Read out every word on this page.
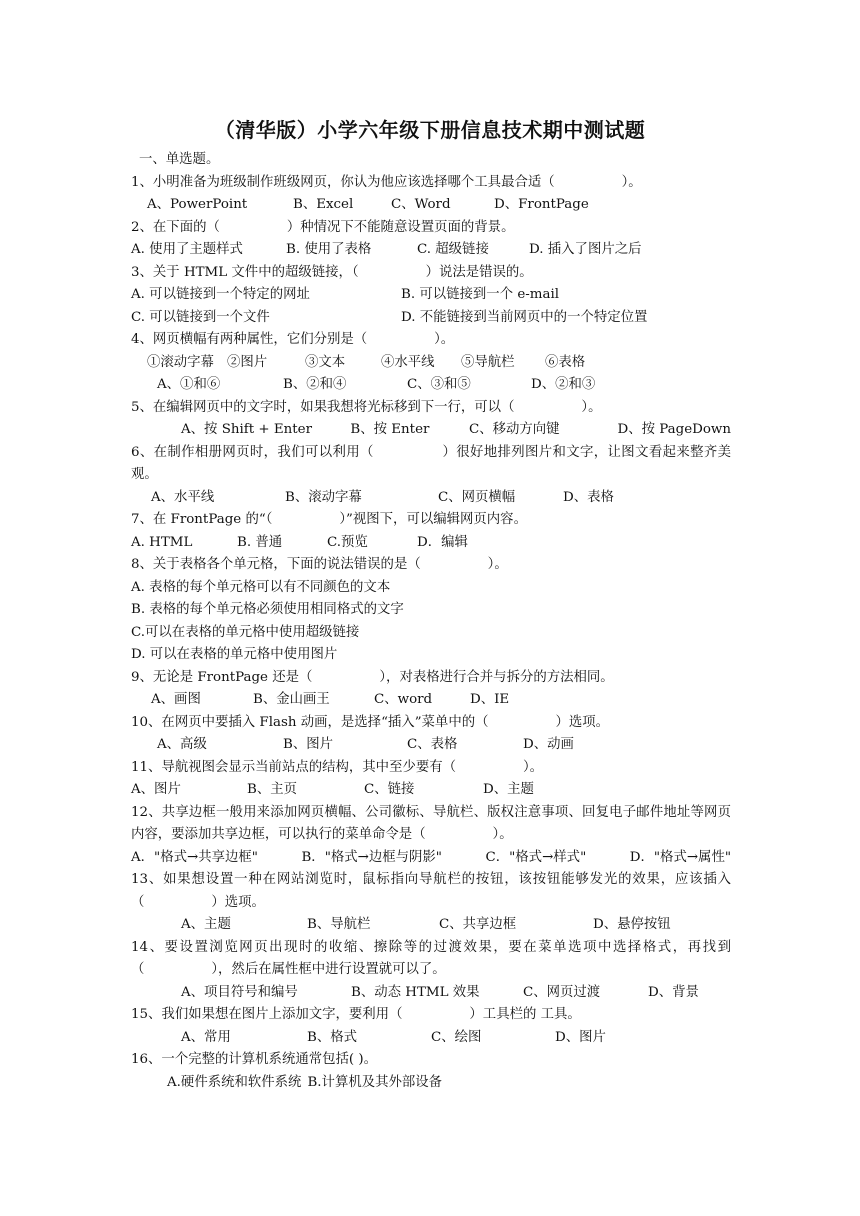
（清华版）小学六年级下册信息技术期中测试题
一、单选题。
1、小明准备为班级制作班级网页，你认为他应该选择哪个工具最合适（　　　　　）。
A、PowerPoint	B、Excel	C、Word	D、FrontPage
2、在下面的（　　　　　）种情况下不能随意设置页面的背景。
A. 使用了主题样式	B. 使用了表格	C. 超级链接	D. 插入了图片之后
3、关于 HTML 文件中的超级链接，（　　　　　）说法是错误的。
A. 可以链接到一个特定的网址	B. 可以链接到一个 e-mail
C. 可以链接到一个文件	D. 不能链接到当前网页中的一个特定位置
4、网页横幅有两种属性，它们分别是（　　　　　）。
①滚动字幕 ②图片	③文本	④水平线	⑤导航栏	⑥表格
A、①和⑥	B、②和④	C、③和⑤	D、②和③
5、在编辑网页中的文字时，如果我想将光标移到下一行，可以（　　　　　）。
A、按 Shift + Enter	B、按 Enter	C、移动方向键	D、按 PageDown
6、在制作相册网页时，我们可以利用（　　　　　）很好地排列图片和文字，让图文看起来整齐美观。
A、水平线	B、滚动字幕	C、网页横幅	D、表格
7、在 FrontPage 的“（　　　　　）”视图下，可以编辑网页内容。
A. HTML	B. 普通	C.预览	D．编辑
8、关于表格各个单元格，下面的说法错误的是（　　　　　）。
A. 表格的每个单元格可以有不同颜色的文本
B. 表格的每个单元格必须使用相同格式的文字
C.可以在表格的单元格中使用超级链接
D. 可以在表格的单元格中使用图片
9、无论是 FrontPage 还是（　　　　　），对表格进行合并与拆分的方法相同。
A、画图	B、金山画王	C、word	D、IE
10、在网页中要插入 Flash 动画，是选择“插入”菜单中的（　　　　　）选项。
A、高级	B、图片	C、表格	D、动画
11、导航视图会显示当前站点的结构，其中至少要有（　　　　　）。
A、图片	B、主页	C、链接	D、主题
12、共享边框一般用来添加网页横幅、公司徽标、导航栏、版权注意事项、回复电子邮件地址等网页内容，要添加共享边框，可以执行的菜单命令是（　　　　　）。
A．"格式→共享边框"	B．"格式→边框与阴影"	C．"格式→样式"	D．"格式→属性"
13、如果想设置一种在网站浏览时，鼠标指向导航栏的按钮，该按钮能够发光的效果，应该插入（　　　　　）选项。
A、主题	B、导航栏	C、共享边框	D、悬停按钮
14、要设置浏览网页出现时的收缩、擦除等的过渡效果，要在菜单选项中选择格式，再找到（　　　　　），然后在属性框中进行设置就可以了。
A、项目符号和编号	B、动态 HTML 效果	C、网页过渡	D、背景
15、我们如果想在图片上添加文字，要利用（　　　　　）工具栏的 工具。
A、常用	B、格式	C、绘图	D、图片
16、一个完整的计算机系统通常包括( )。
A.硬件系统和软件系统 B.计算机及其外部设备
